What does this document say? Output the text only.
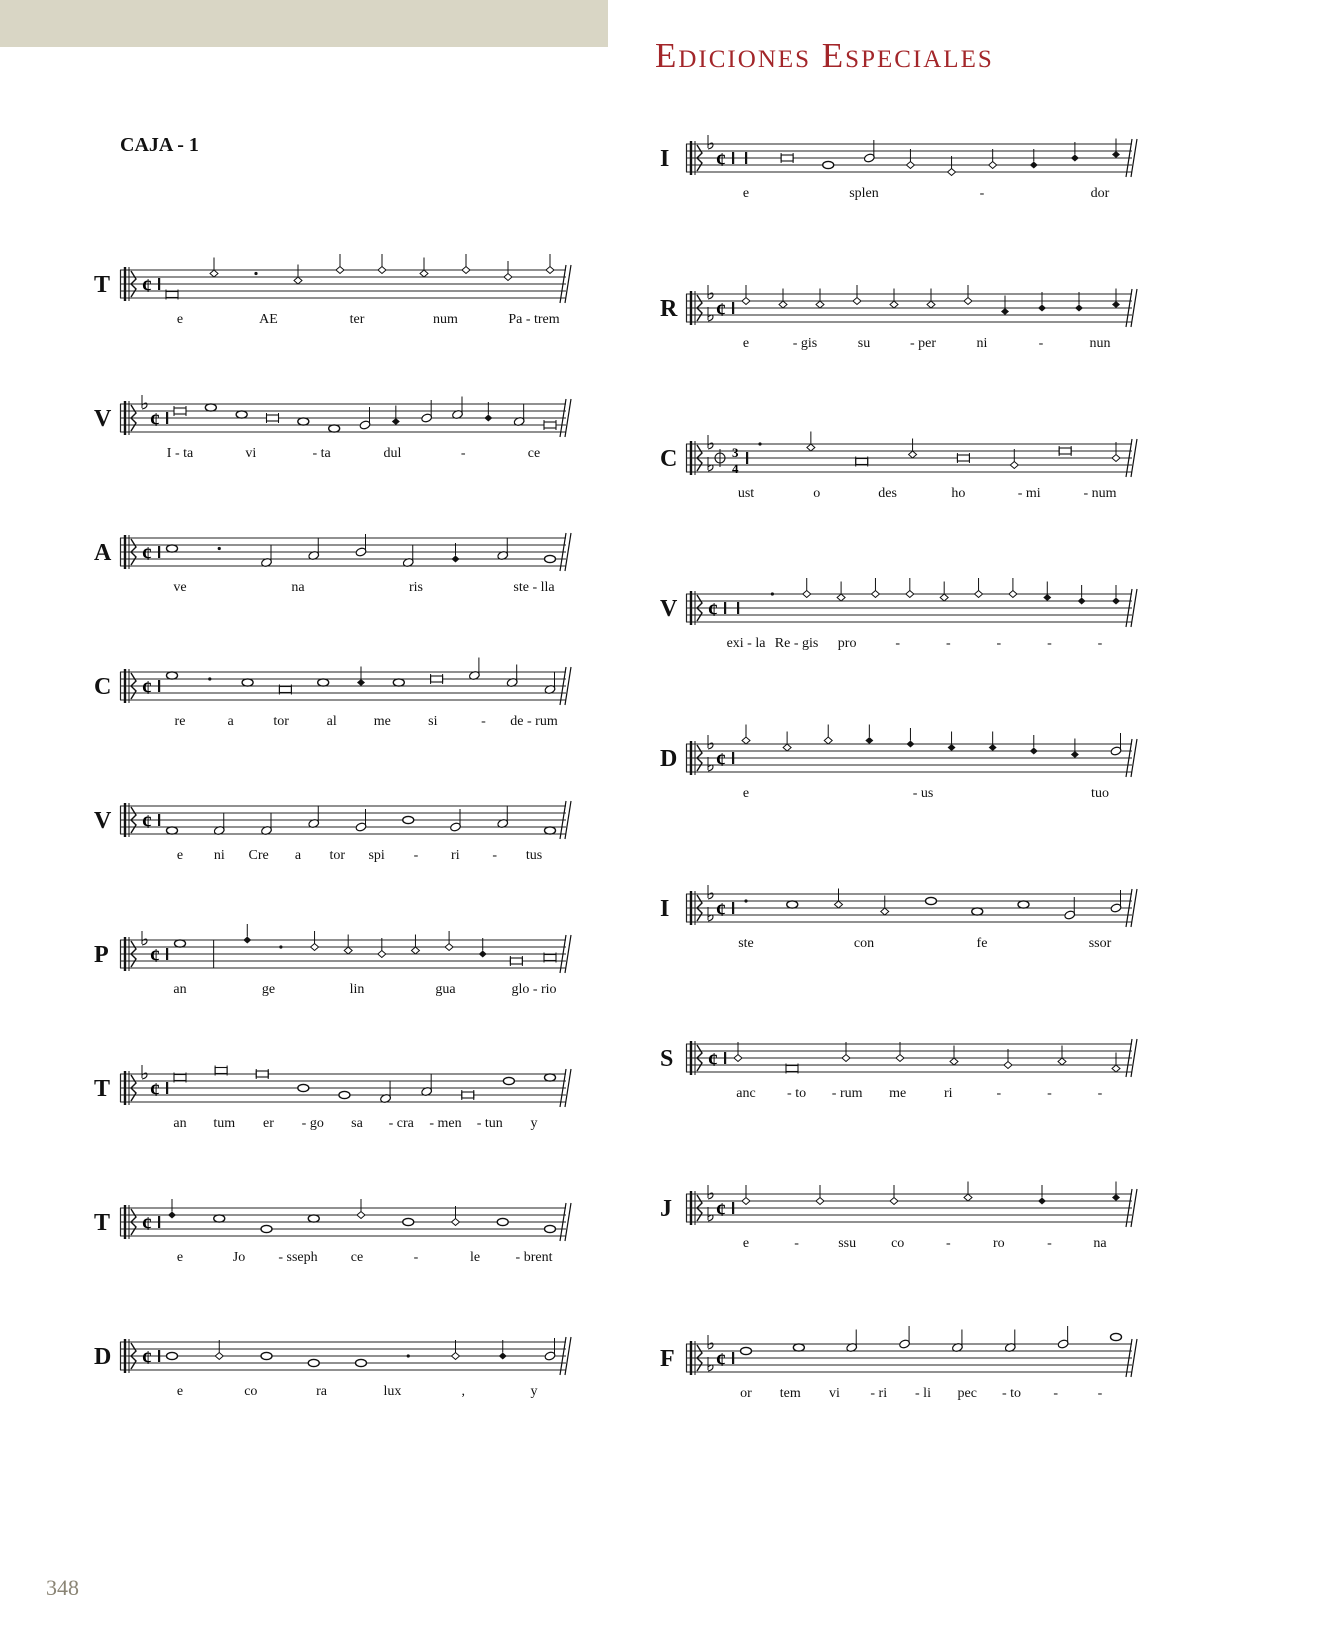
Ediciones Especiales
CAJA - 1
348
T ¢
e	AE	ter	num	Pa - trem
V ¢
I - ta	vi	- ta	dul	-	ce
A ¢
ve	na	ris	ste - lla
C ¢
re	a	tor	al	me	si	- de - rum
V ¢
e ni Cre a tor spi - ri - tus
P ¢
an	ge	lin	gua	glo - rio
T ¢
an tum er - go sa - cra - men - tun y
T ¢
e	Jo - sseph ce	-	le	- brent
D ¢
e	co	ra	lux	,	y
I ¢
e	splen	-	dor
R ¢
e	- gis	su	- per	ni	-	nun
C	3
4
ust	o	des	ho	- mi	- num
V ¢
exi - la Re - gis pro	-	-	-	-	-
D ¢
e	- us	tuo
I ¢
ste	con	fe	ssor
S ¢
anc - to - rum me	ri	-	-	-
J ¢
e	-	ssu	co	-	ro	-	na
F ¢
or tem vi - ri - li pec - to -	-
